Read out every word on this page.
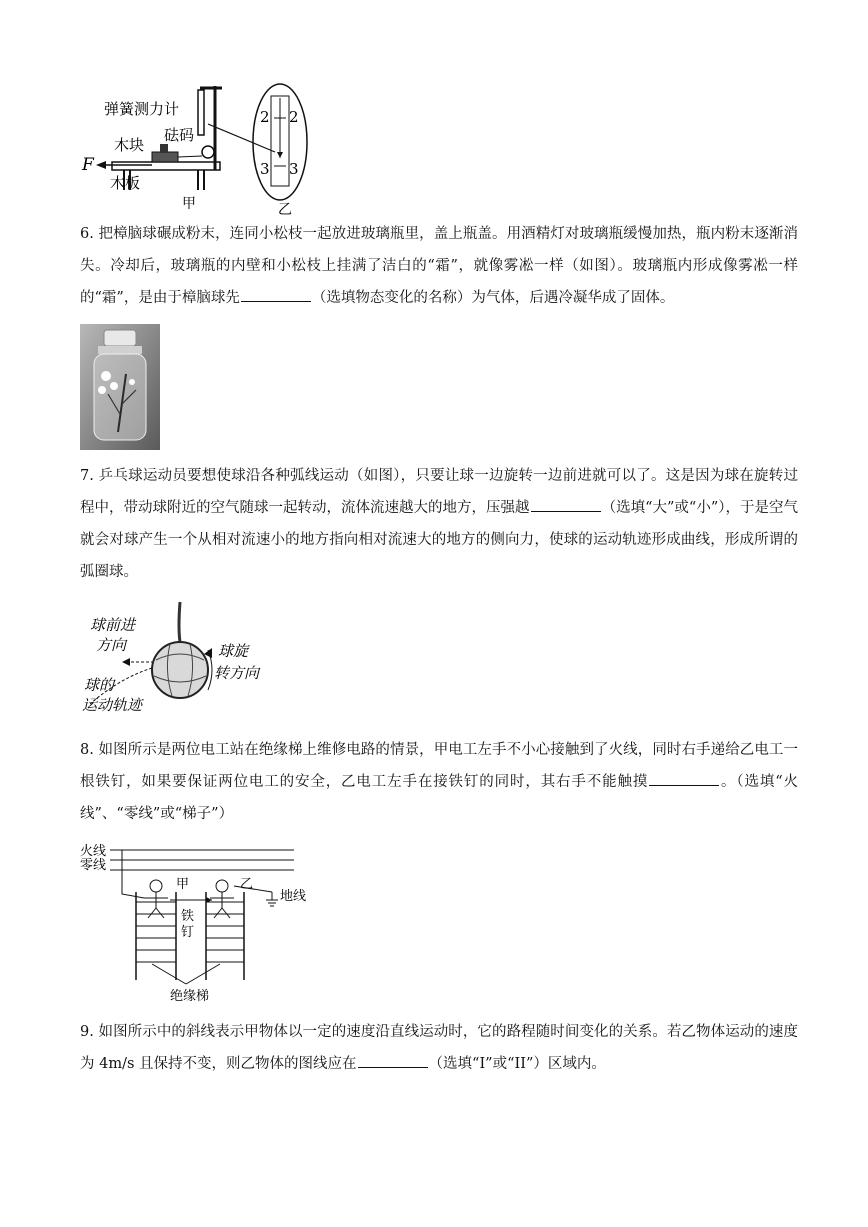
2
3
2
3
弹簧测力计
砝码
木块
木板
F
甲	乙

6. 把樟脑球碾成粉末，连同小松枝一起放进玻璃瓶里，盖上瓶盖。用酒精灯对玻璃瓶缓慢加热，瓶内粉末逐渐消失。冷却后，玻璃瓶的内壁和小松枝上挂满了洁白的“霜”，就像雾凇一样（如图）。玻璃瓶内形成像雾凇一样的“霜”，是由于樟脑球先	（选填物态变化的名称）为气体，后遇冷凝华成了固体。

7. 乒乓球运动员要想使球沿各种弧线运动（如图），只要让球一边旋转一边前进就可以了。这是因为球在旋转过程中，带动球附近的空气随球一起转动，流体流速越大的地方，压强越	（选填“大”或“小”），于是空气就会对球产生一个从相对流速小的地方指向相对流速大的地方的侧向力，使球的运动轨迹形成曲线，形成所谓的弧圈球。

球前进
方向
球的
运动轨迹
球旋
转方向

8. 如图所示是两位电工站在绝缘梯上维修电路的情景，甲电工左手不小心接触到了火线，同时右手递给乙电工一根铁钉，如果要保证两位电工的安全，乙电工左手在接铁钉的同时，其右手不能触摸	。（选填“火线”、“零线”或“梯子”）

火线
零线
甲	乙
地线
铁
钉
绝缘梯

9. 如图所示中的斜线表示甲物体以一定的速度沿直线运动时，它的路程随时间变化的关系。若乙物体运动的速度为 4m/s 且保持不变，则乙物体的图线应在	（选填“I”或“II”）区域内。
